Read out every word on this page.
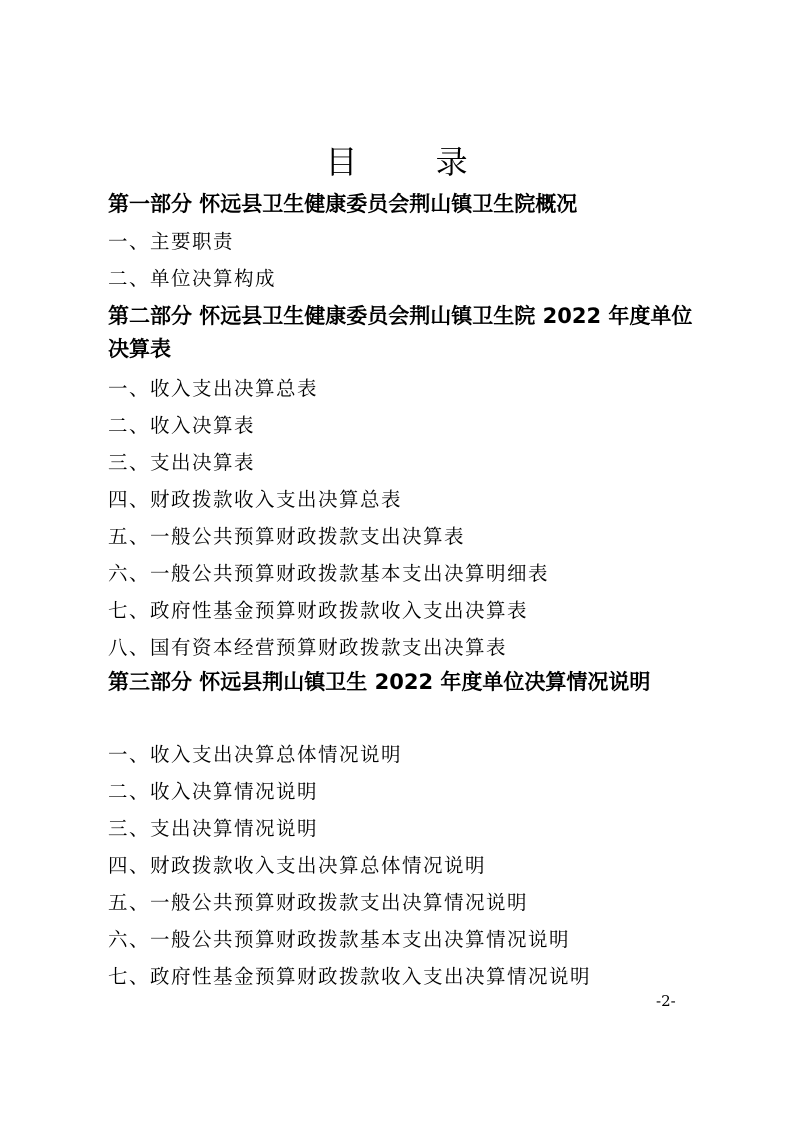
目 录
第一部分 怀远县卫生健康委员会荆山镇卫生院概况
一、主要职责
二、单位决算构成
第二部分 怀远县卫生健康委员会荆山镇卫生院 2022 年度单位决算表
一、收入支出决算总表
二、收入决算表
三、支出决算表
四、财政拨款收入支出决算总表
五、一般公共预算财政拨款支出决算表
六、一般公共预算财政拨款基本支出决算明细表
七、政府性基金预算财政拨款收入支出决算表
八、国有资本经营预算财政拨款支出决算表
第三部分 怀远县荆山镇卫生 2022 年度单位决算情况说明
一、收入支出决算总体情况说明
二、收入决算情况说明
三、支出决算情况说明
四、财政拨款收入支出决算总体情况说明
五、一般公共预算财政拨款支出决算情况说明
六、一般公共预算财政拨款基本支出决算情况说明
七、政府性基金预算财政拨款收入支出决算情况说明
-2-
